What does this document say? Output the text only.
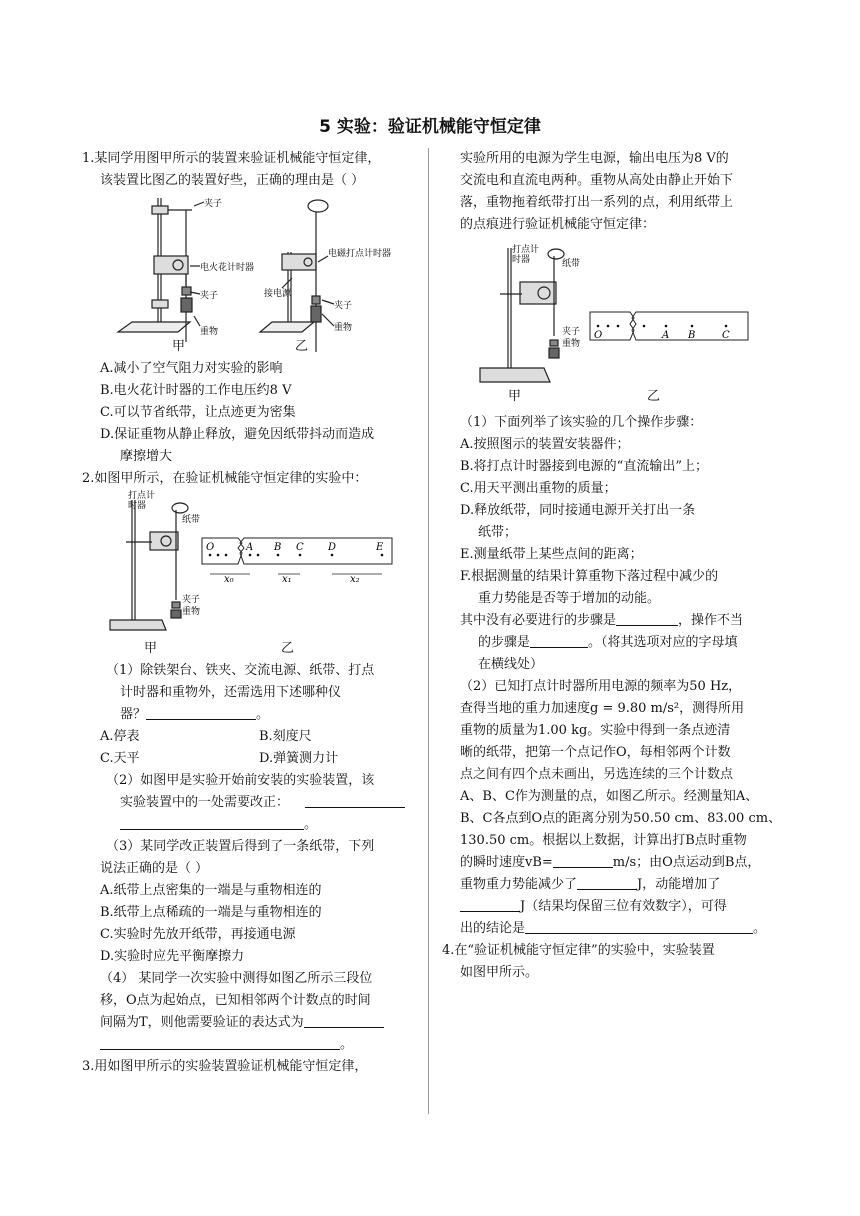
5 实验：验证机械能守恒定律

1.某同学用图甲所示的装置来验证机械能守恒定律，

该装置比图乙的装置好些，正确的理由是（ ）

夹子
电火花计时器
夹子
重物
电磁打点计时器
接电源
夹子
重物
甲	乙

A.减小了空气阻力对实验的影响

B.电火花计时器的工作电压约8 V

C.可以节省纸带，让点迹更为密集

D.保证重物从静止释放，避免因纸带抖动而造成

摩擦增大

2.如图甲所示，在验证机械能守恒定律的实验中：

打点计
时器
纸带
夹子
重物
O	A B C D	E
x₀	x₁	x₂
甲	乙

（1）除铁架台、铁夹、交流电源、纸带、打点

计时器和重物外，还需选用下述哪种仪

器？	。

A.停表	B.刻度尺
C.天平	D.弹簧测力计

（2）如图甲是实验开始前安装的实验装置，该

实验装置中的一处需要改正：

。

（3）某同学改正装置后得到了一条纸带，下列

说法正确的是（ ）

A.纸带上点密集的一端是与重物相连的

B.纸带上点稀疏的一端是与重物相连的

C.实验时先放开纸带，再接通电源

D.实验时应先平衡摩擦力

（4） 某同学一次实验中测得如图乙所示三段位

移，O点为起始点，已知相邻两个计数点的时间

间隔为T，则他需要验证的表达式为

。

3.用如图甲所示的实验装置验证机械能守恒定律，

实验所用的电源为学生电源，输出电压为8 V的

交流电和直流电两种。重物从高处由静止开始下

落，重物拖着纸带打出一系列的点，利用纸带上

的点痕进行验证机械能守恒定律：

打点计
时器	纸带
夹子
重物
O	A B	C
甲	乙

（1）下面列举了该实验的几个操作步骤：

A.按照图示的装置安装器件；

B.将打点计时器接到电源的“直流输出”上；

C.用天平测出重物的质量；

D.释放纸带，同时接通电源开关打出一条

纸带；

E.测量纸带上某些点间的距离；

F.根据测量的结果计算重物下落过程中减少的

重力势能是否等于增加的动能。

其中没有必要进行的步骤是	，操作不当

的步骤是	。（将其选项对应的字母填

在横线处）

（2）已知打点计时器所用电源的频率为50 Hz，

查得当地的重力加速度g = 9.80 m/s²，测得所用

重物的质量为1.00 kg。实验中得到一条点迹清

晰的纸带，把第一个点记作O，每相邻两个计数

点之间有四个点未画出，另选连续的三个计数点

A、B、C作为测量的点，如图乙所示。经测量知A、

B、C各点到O点的距离分别为50.50 cm、83.00 cm、

130.50 cm。根据以上数据，计算出打B点时重物

的瞬时速度vB=	m/s；由O点运动到B点，

重物重力势能减少了	J，动能增加了

J（结果均保留三位有效数字），可得

出的结论是	。

4.在“验证机械能守恒定律”的实验中，实验装置

如图甲所示。
